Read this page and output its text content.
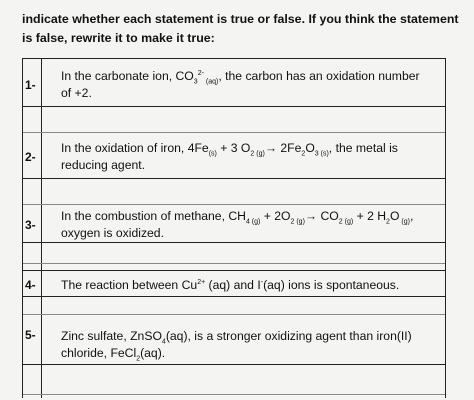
indicate whether each statement is true or false. If you think the statement is false, rewrite it to make it true:
1-
In the carbonate ion, $CO_3^{2-}$ $_{(aq)}$, the carbon has an oxidation number of +2.
2-
In the oxidation of iron, $4Fe_{(s)} + 3$ $O_{2 (g)}\to 2Fe_2O_{3 (s)}$, the metal is reducing agent.
3-
In the combustion of methane, $CH_{4 (g)} + 2O_{2 (g)}\to CO_{2 (g)} + 2$ $H_2O$ $_{(g)}$, oxygen is oxidized.
4-	The reaction between $Cu^{2+}$ (aq) and I-(aq) ions is spontaneous.
5-	Zinc sulfate, ZnSO$_4$(aq), is a stronger oxidizing agent than iron(II) chloride, FeCl$_2$(aq).
